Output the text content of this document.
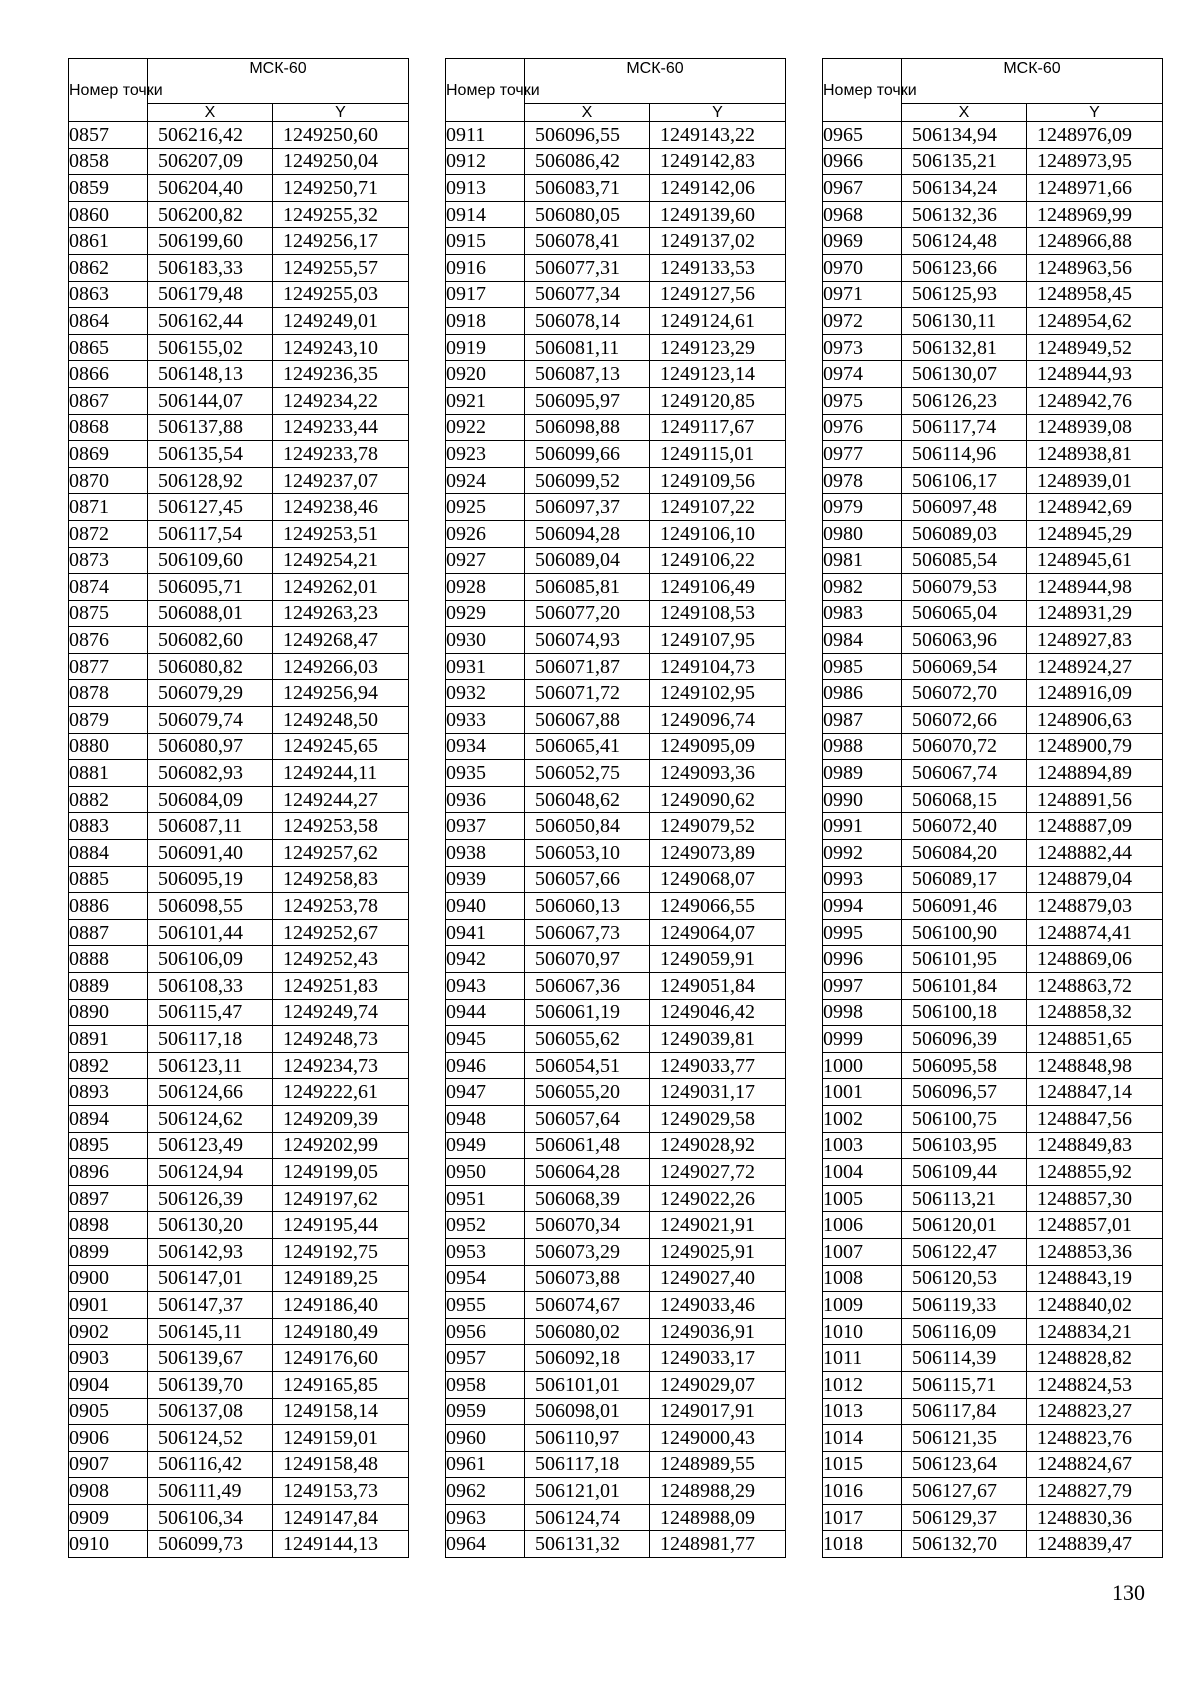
Номер точки	МСК-60	
	X	Y
0857	506216,42	1249250,60
0858	506207,09	1249250,04
0859	506204,40	1249250,71
0860	506200,82	1249255,32
0861	506199,60	1249256,17
0862	506183,33	1249255,57
0863	506179,48	1249255,03
0864	506162,44	1249249,01
0865	506155,02	1249243,10
0866	506148,13	1249236,35
0867	506144,07	1249234,22
0868	506137,88	1249233,44
0869	506135,54	1249233,78
0870	506128,92	1249237,07
0871	506127,45	1249238,46
0872	506117,54	1249253,51
0873	506109,60	1249254,21
0874	506095,71	1249262,01
0875	506088,01	1249263,23
0876	506082,60	1249268,47
0877	506080,82	1249266,03
0878	506079,29	1249256,94
0879	506079,74	1249248,50
0880	506080,97	1249245,65
0881	506082,93	1249244,11
0882	506084,09	1249244,27
0883	506087,11	1249253,58
0884	506091,40	1249257,62
0885	506095,19	1249258,83
0886	506098,55	1249253,78
0887	506101,44	1249252,67
0888	506106,09	1249252,43
0889	506108,33	1249251,83
0890	506115,47	1249249,74
0891	506117,18	1249248,73
0892	506123,11	1249234,73
0893	506124,66	1249222,61
0894	506124,62	1249209,39
0895	506123,49	1249202,99
0896	506124,94	1249199,05
0897	506126,39	1249197,62
0898	506130,20	1249195,44
0899	506142,93	1249192,75
0900	506147,01	1249189,25
0901	506147,37	1249186,40
0902	506145,11	1249180,49
0903	506139,67	1249176,60
0904	506139,70	1249165,85
0905	506137,08	1249158,14
0906	506124,52	1249159,01
0907	506116,42	1249158,48
0908	506111,49	1249153,73
0909	506106,34	1249147,84
0910	506099,73	1249144,13
Номер точки	МСК-60	
	X	Y
0911	506096,55	1249143,22
0912	506086,42	1249142,83
0913	506083,71	1249142,06
0914	506080,05	1249139,60
0915	506078,41	1249137,02
0916	506077,31	1249133,53
0917	506077,34	1249127,56
0918	506078,14	1249124,61
0919	506081,11	1249123,29
0920	506087,13	1249123,14
0921	506095,97	1249120,85
0922	506098,88	1249117,67
0923	506099,66	1249115,01
0924	506099,52	1249109,56
0925	506097,37	1249107,22
0926	506094,28	1249106,10
0927	506089,04	1249106,22
0928	506085,81	1249106,49
0929	506077,20	1249108,53
0930	506074,93	1249107,95
0931	506071,87	1249104,73
0932	506071,72	1249102,95
0933	506067,88	1249096,74
0934	506065,41	1249095,09
0935	506052,75	1249093,36
0936	506048,62	1249090,62
0937	506050,84	1249079,52
0938	506053,10	1249073,89
0939	506057,66	1249068,07
0940	506060,13	1249066,55
0941	506067,73	1249064,07
0942	506070,97	1249059,91
0943	506067,36	1249051,84
0944	506061,19	1249046,42
0945	506055,62	1249039,81
0946	506054,51	1249033,77
0947	506055,20	1249031,17
0948	506057,64	1249029,58
0949	506061,48	1249028,92
0950	506064,28	1249027,72
0951	506068,39	1249022,26
0952	506070,34	1249021,91
0953	506073,29	1249025,91
0954	506073,88	1249027,40
0955	506074,67	1249033,46
0956	506080,02	1249036,91
0957	506092,18	1249033,17
0958	506101,01	1249029,07
0959	506098,01	1249017,91
0960	506110,97	1249000,43
0961	506117,18	1248989,55
0962	506121,01	1248988,29
0963	506124,74	1248988,09
0964	506131,32	1248981,77
Номер точки	МСК-60	
	X	Y
0965	506134,94	1248976,09
0966	506135,21	1248973,95
0967	506134,24	1248971,66
0968	506132,36	1248969,99
0969	506124,48	1248966,88
0970	506123,66	1248963,56
0971	506125,93	1248958,45
0972	506130,11	1248954,62
0973	506132,81	1248949,52
0974	506130,07	1248944,93
0975	506126,23	1248942,76
0976	506117,74	1248939,08
0977	506114,96	1248938,81
0978	506106,17	1248939,01
0979	506097,48	1248942,69
0980	506089,03	1248945,29
0981	506085,54	1248945,61
0982	506079,53	1248944,98
0983	506065,04	1248931,29
0984	506063,96	1248927,83
0985	506069,54	1248924,27
0986	506072,70	1248916,09
0987	506072,66	1248906,63
0988	506070,72	1248900,79
0989	506067,74	1248894,89
0990	506068,15	1248891,56
0991	506072,40	1248887,09
0992	506084,20	1248882,44
0993	506089,17	1248879,04
0994	506091,46	1248879,03
0995	506100,90	1248874,41
0996	506101,95	1248869,06
0997	506101,84	1248863,72
0998	506100,18	1248858,32
0999	506096,39	1248851,65
1000	506095,58	1248848,98
1001	506096,57	1248847,14
1002	506100,75	1248847,56
1003	506103,95	1248849,83
1004	506109,44	1248855,92
1005	506113,21	1248857,30
1006	506120,01	1248857,01
1007	506122,47	1248853,36
1008	506120,53	1248843,19
1009	506119,33	1248840,02
1010	506116,09	1248834,21
1011	506114,39	1248828,82
1012	506115,71	1248824,53
1013	506117,84	1248823,27
1014	506121,35	1248823,76
1015	506123,64	1248824,67
1016	506127,67	1248827,79
1017	506129,37	1248830,36
1018	506132,70	1248839,47
130
